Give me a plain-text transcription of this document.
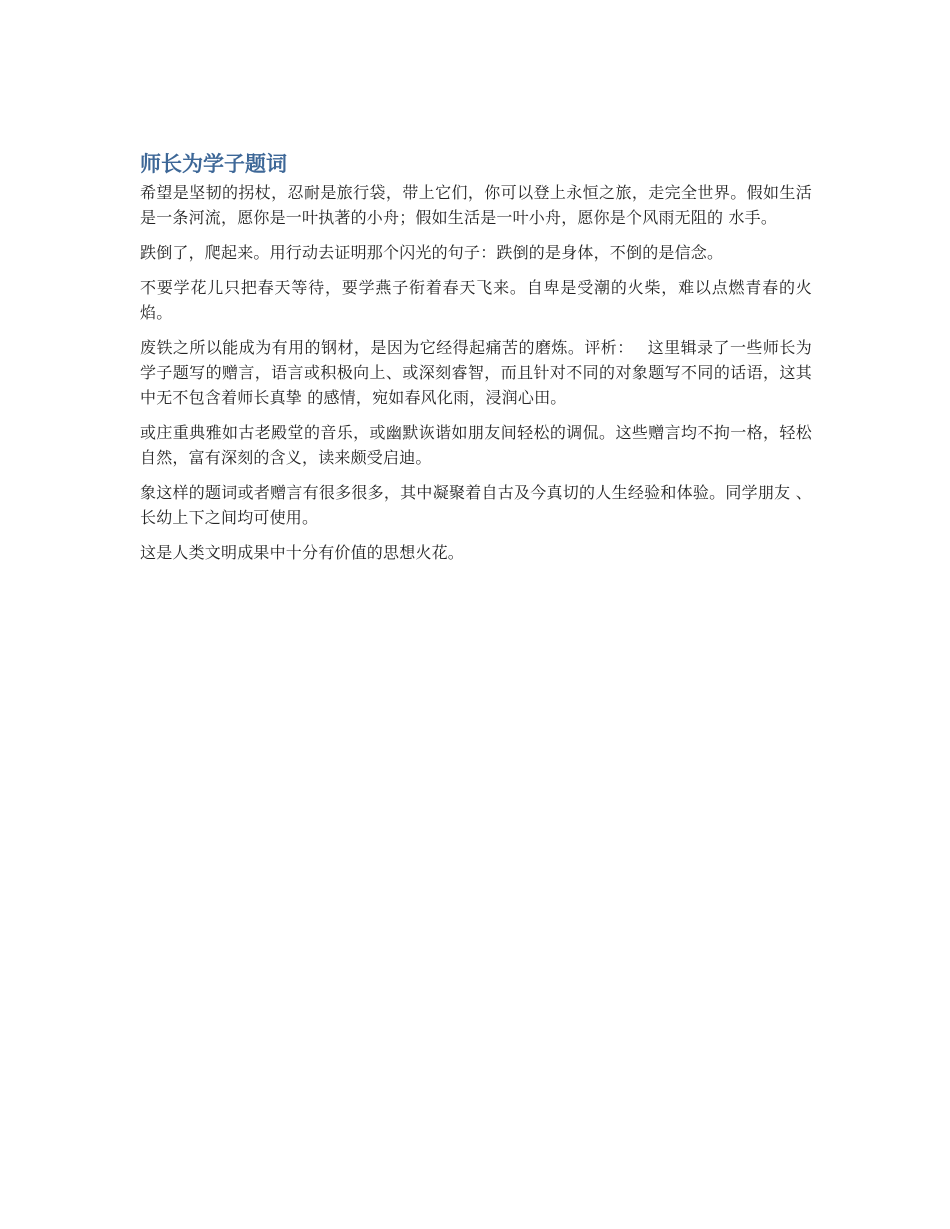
师长为学子题词

希望是坚韧的拐杖，忍耐是旅行袋，带上它们，你可以登上永恒之旅，走完全世界。假如生活是一条河流，愿你是一叶执著的小舟；假如生活是一叶小舟，愿你是个风雨无阻的 水手。

跌倒了，爬起来。用行动去证明那个闪光的句子：跌倒的是身体，不倒的是信念。

不要学花儿只把春天等待，要学燕子衔着春天飞来。自卑是受潮的火柴，难以点燃青春的火焰。

废铁之所以能成为有用的钢材，是因为它经得起痛苦的磨炼。评析：　 这里辑录了一些师长为学子题写的赠言，语言或积极向上、或深刻睿智，而且针对不同的对象题写不同的话语，这其中无不包含着师长真挚 的感情，宛如春风化雨，浸润心田。

或庄重典雅如古老殿堂的音乐，或幽默诙谐如朋友间轻松的调侃。这些赠言均不拘一格，轻松自然，富有深刻的含义，读来颇受启迪。

象这样的题词或者赠言有很多很多，其中凝聚着自古及今真切的人生经验和体验。同学朋友 、长幼上下之间均可使用。

这是人类文明成果中十分有价值的思想火花。
